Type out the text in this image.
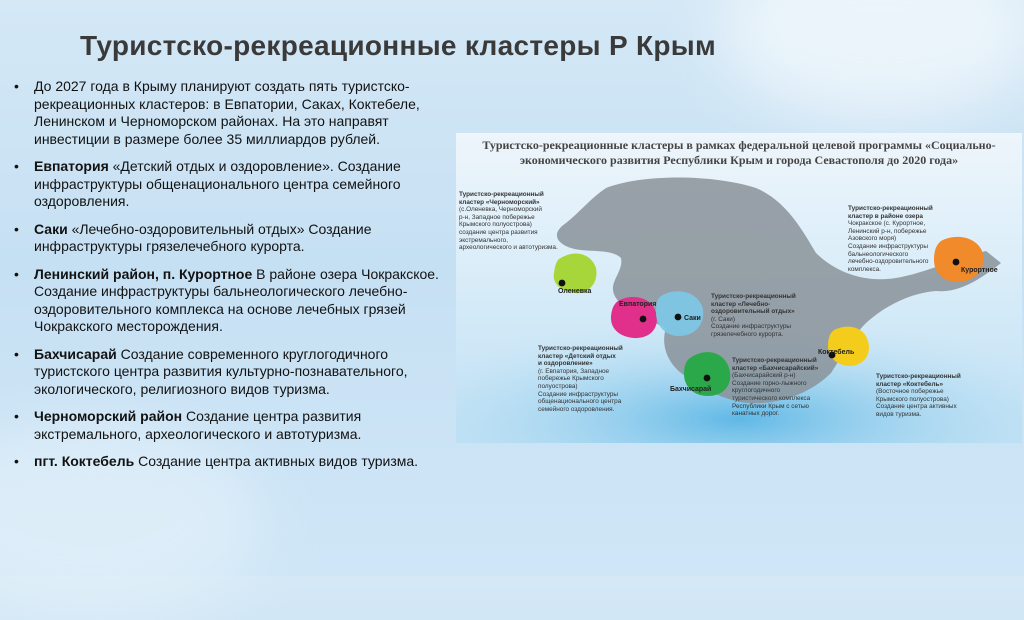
Туристско-рекреационные кластеры Р Крым
• До 2027 года в Крыму планируют создать пять туристско-рекреационных кластеров: в Евпатории, Саках, Коктебеле, Ленинском и Черноморском районах. На это направят инвестиции в размере более 35 миллиардов рублей.
• Евпатория «Детский отдых и оздоровление». Создание инфраструктуры общенационального центра семейного оздоровления.
• Саки «Лечебно-оздоровительный отдых» Создание инфраструктуры грязелечебного курорта.
• Ленинский район, п. Курортное В районе озера Чокракское. Создание инфраструктуры бальнеологического лечебно-оздоровительного комплекса на основе лечебных грязей Чокракского месторождения.
• Бахчисарай Создание современного круглогодичного туристского центра развития культурно-познавательного, экологического, религиозного видов туризма.
• Черноморский район Создание центра развития экстремального, археологического и автотуризма.
• пгт. Коктебель Создание центра активных видов туризма.
Туристско-рекреационные кластеры в рамках федеральной целевой программы «Социально-
экономического развития Республики Крым и города Севастополя до 2020 года»
Туристско-рекреационный
кластер «Черноморский»
(с.Оленевка, Черноморский
р-н, Западное побережье
Крымского полуострова)
создание центра развития
экстремального,
археологического и автотуризма.
Туристско-рекреационный
кластер в районе озера
Чокракское (с. Курортное,
Ленинский р-н, побережье
Азовского моря)
Создание инфраструктуры
бальнеологического
лечебно-оздоровительного
комплекса.
Туристско-рекреационный
кластер «Детский отдых
и оздоровление»
(г. Евпатория, Западное
побережье Крымского
полуострова)
Создание инфраструктуры
общенационального центра
семейного оздоровления.
Туристско-рекреационный
кластер «Лечебно-
оздоровительный отдых»
(г. Саки)
Создание инфраструктуры
грязелечебного курорта.
Туристско-рекреационный
кластер «Бахчисарайский»
(Бахчисарайский р-н)
Создание горно-лыжного
круглогодичного
туристического комплекса
Республики Крым с сетью
канатных дорог.
Туристско-рекреационный
кластер «Коктебель»
(Восточное побережье
Крымского полуострова)
Создание центра активных
видов туризма.
Оленевка
Курортное
Евпатория
Саки
Бахчисарай
Коктебель
